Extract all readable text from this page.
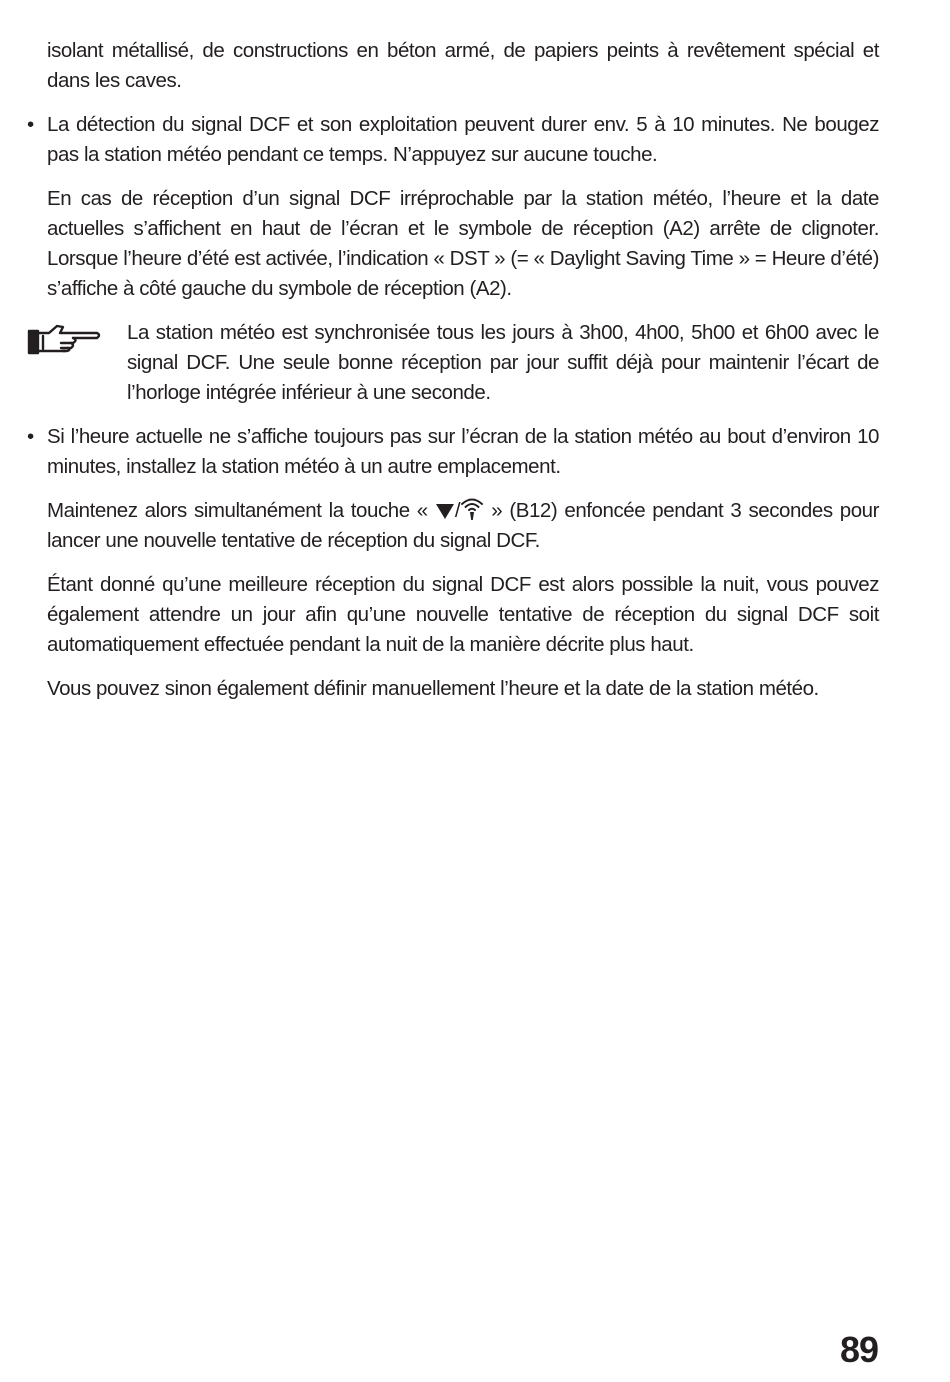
isolant métallisé, de constructions en béton armé, de papiers peints à revêtement spécial et dans les caves.

• La détection du signal DCF et son exploitation peuvent durer env. 5 à 10 minutes. Ne bougez pas la station météo pendant ce temps. N’appuyez sur aucune touche.

En cas de réception d’un signal DCF irréprochable par la station météo, l’heure et la date actuelles s’affichent en haut de l’écran et le symbole de réception (A2) arrête de clignoter. Lorsque l’heure d’été est activée, l’indication « DST » (= « Daylight Saving Time » = Heure d’été) s’affiche à côté gauche du symbole de réception (A2).

La station météo est synchronisée tous les jours à 3h00, 4h00, 5h00 et 6h00 avec le signal DCF. Une seule bonne réception par jour suffit déjà pour maintenir l’écart de l’horloge intégrée inférieur à une seconde.
• Si l’heure actuelle ne s’affiche toujours pas sur l’écran de la station météo au bout d’environ 10 minutes, installez la station météo à un autre emplacement.

Maintenez alors simultanément la touche « / » (B12) enfoncée pendant 3 secondes pour lancer une nouvelle tentative de réception du signal DCF.

Étant donné qu’une meilleure réception du signal DCF est alors possible la nuit, vous pouvez également attendre un jour afin qu’une nouvelle tentative de réception du signal DCF soit automatiquement effectuée pendant la nuit de la manière décrite plus haut.

Vous pouvez sinon également définir manuellement l’heure et la date de la station météo.

89
